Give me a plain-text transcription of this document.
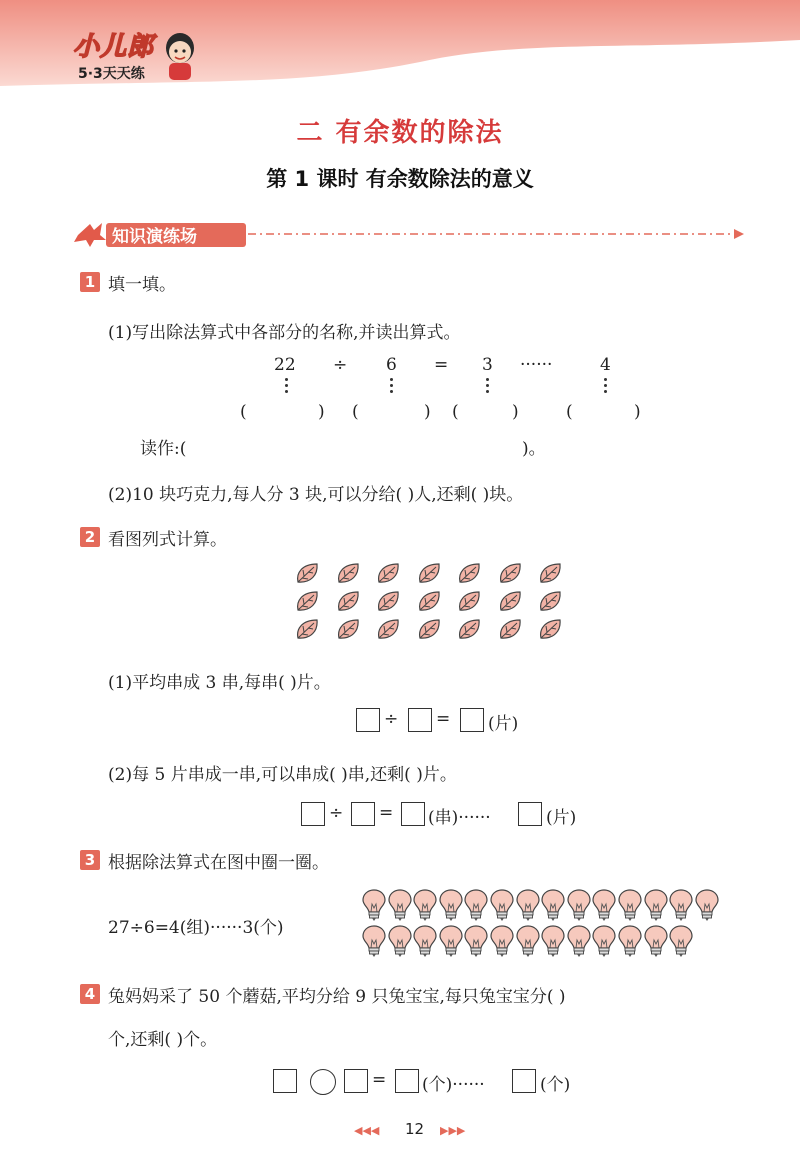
小儿郎
5·3天天练
二 有余数的除法
第 1 课时 有余数除法的意义
知识演练场
1 填一填。
(1)写出除法算式中各部分的名称,并读出算式。
22 ÷ 6 = 3 ······	4
(	) (	) (	)	(	)
读作:(	)。
(2)10 块巧克力,每人分 3 块,可以分给( )人,还剩( )块。
2 看图列式计算。
(1)平均串成 3 串,每串( )片。
÷ = (片)
(2)每 5 片串成一串,可以串成( )串,还剩( )片。
÷ = (串)······	(片)
3 根据除法算式在图中圈一圈。
27÷6=4(组)······3(个)
4 兔妈妈采了 50 个蘑菇,平均分给 9 只兔宝宝,每只兔宝宝分( )
个,还剩( )个。
= (个)······	(个)
◀◀◀ 12 ▶▶▶
